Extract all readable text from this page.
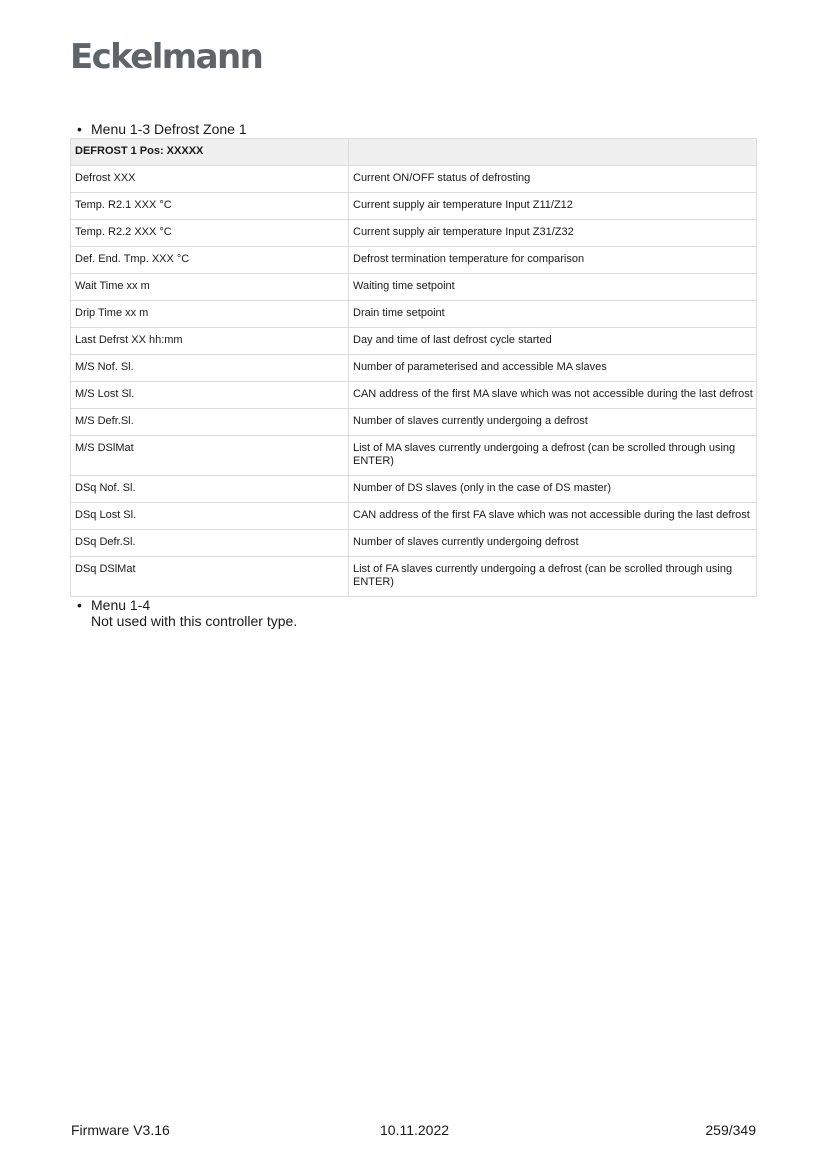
Eckelmann
• Menu 1-3 Defrost Zone 1
DEFROST 1 Pos: XXXXX	
Defrost XXX	Current ON/OFF status of defrosting
Temp. R2.1 XXX °C	Current supply air temperature Input Z11/Z12
Temp. R2.2 XXX °C	Current supply air temperature Input Z31/Z32
Def. End. Tmp. XXX °C	Defrost termination temperature for comparison
Wait Time xx m	Waiting time setpoint
Drip Time xx m	Drain time setpoint
Last Defrst XX hh:mm	Day and time of last defrost cycle started
M/S Nof. Sl.	Number of parameterised and accessible MA slaves
M/S Lost Sl.	CAN address of the first MA slave which was not accessible during the last defrost
M/S Defr.Sl.	Number of slaves currently undergoing a defrost
M/S DSlMat	List of MA slaves currently undergoing a defrost (can be scrolled through using ENTER)
DSq Nof. Sl.	Number of DS slaves (only in the case of DS master)
DSq Lost Sl.	CAN address of the first FA slave which was not accessible during the last defrost
DSq Defr.Sl.	Number of slaves currently undergoing defrost
DSq DSlMat	List of FA slaves currently undergoing a defrost (can be scrolled through using ENTER)
• Menu 1-4
Not used with this controller type.
Firmware V3.16	10.11.2022	259/349
